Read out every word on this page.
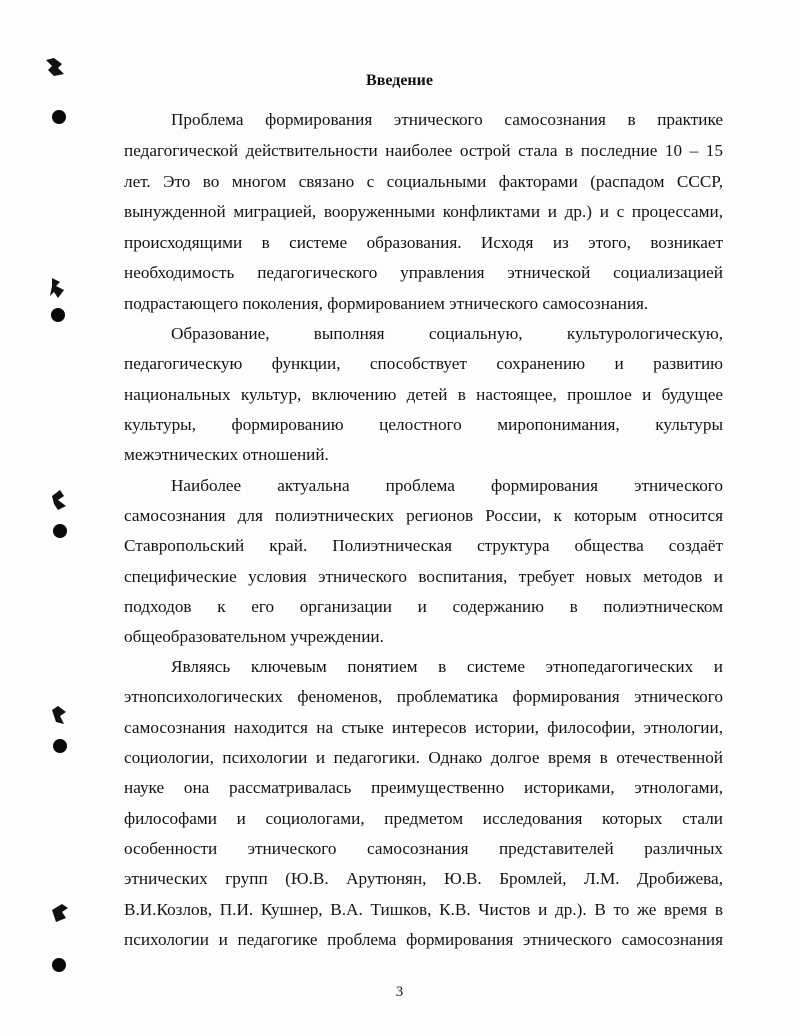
Введение
Проблема формирования этнического самосознания в практике
педагогической действительности наиболее острой стала в последние 10 – 15
лет. Это во многом связано с социальными факторами (распадом СССР,
вынужденной миграцией, вооруженными конфликтами и др.) и с процессами,
происходящими в системе образования. Исходя из этого, возникает
необходимость педагогического управления этнической социализацией
подрастающего поколения, формированием этнического самосознания.
Образование, выполняя социальную, культурологическую,
педагогическую функции, способствует сохранению и развитию
национальных культур, включению детей в настоящее, прошлое и будущее
культуры, формированию целостного миропонимания, культуры
межэтнических отношений.
Наиболее актуальна проблема формирования этнического
самосознания для полиэтнических регионов России, к которым относится
Ставропольский край. Полиэтническая структура общества создаёт
специфические условия этнического воспитания, требует новых методов и
подходов к его организации и содержанию в полиэтническом
общеобразовательном учреждении.
Являясь ключевым понятием в системе этнопедагогических и
этнопсихологических феноменов, проблематика формирования этнического
самосознания находится на стыке интересов истории, философии, этнологии,
социологии, психологии и педагогики. Однако долгое время в отечественной
науке она рассматривалась преимущественно историками, этнологами,
философами и социологами, предметом исследования которых стали
особенности этнического самосознания представителей различных
этнических групп (Ю.В. Арутюнян, Ю.В. Бромлей, Л.М. Дробижева,
В.И.Козлов, П.И. Кушнер, В.А. Тишков, К.В. Чистов и др.). В то же время в
психологии и педагогике проблема формирования этнического самосознания
3
